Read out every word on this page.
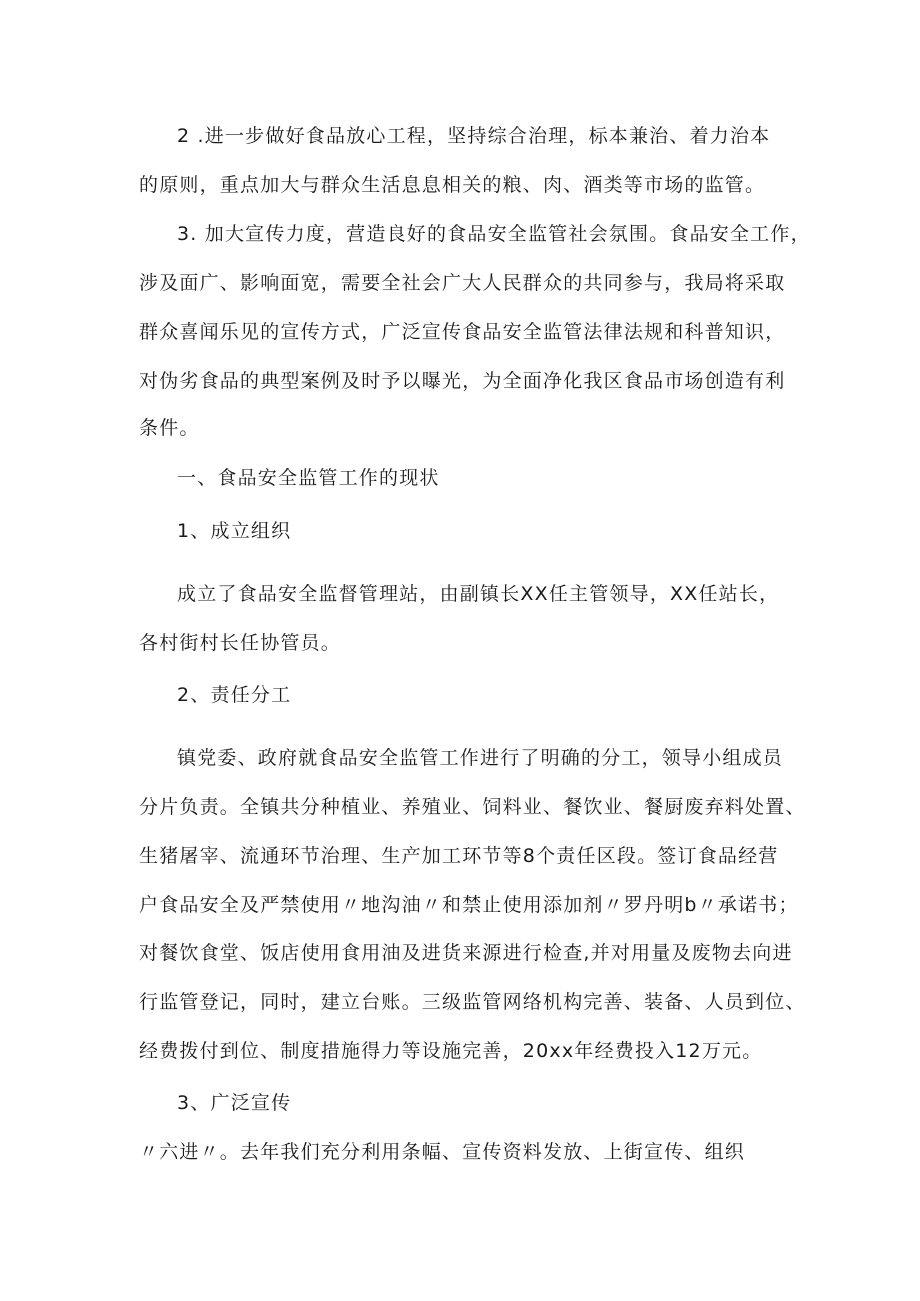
2 .进一步做好食品放心工程，坚持综合治理，标本兼治、着力治本
的原则，重点加大与群众生活息息相关的粮、肉、酒类等市场的监管。
3. 加大宣传力度，营造良好的食品安全监管社会氛围。食品安全工作，
涉及面广、影响面宽，需要全社会广大人民群众的共同参与，我局将采取
群众喜闻乐见的宣传方式，广泛宣传食品安全监管法律法规和科普知识，
对伪劣食品的典型案例及时予以曝光，为全面净化我区食品市场创造有利
条件。
一、食品安全监管工作的现状
1、成立组织
成立了食品安全监督管理站，由副镇长XX任主管领导，XX任站长，
各村街村长任协管员。
2、责任分工
镇党委、政府就食品安全监管工作进行了明确的分工，领导小组成员
分片负责。全镇共分种植业、养殖业、饲料业、餐饮业、餐厨废弃料处置、
生猪屠宰、流通环节治理、生产加工环节等8个责任区段。签订食品经营
户食品安全及严禁使用〃地沟油〃和禁止使用添加剂〃罗丹明b〃承诺书；
对餐饮食堂、饭店使用食用油及进货来源进行检查,并对用量及废物去向进
行监管登记，同时，建立台账。三级监管网络机构完善、装备、人员到位、
经费拨付到位、制度措施得力等设施完善，20xx年经费投入12万元。
3、广泛宣传
〃六进〃。去年我们充分利用条幅、宣传资料发放、上街宣传、组织
